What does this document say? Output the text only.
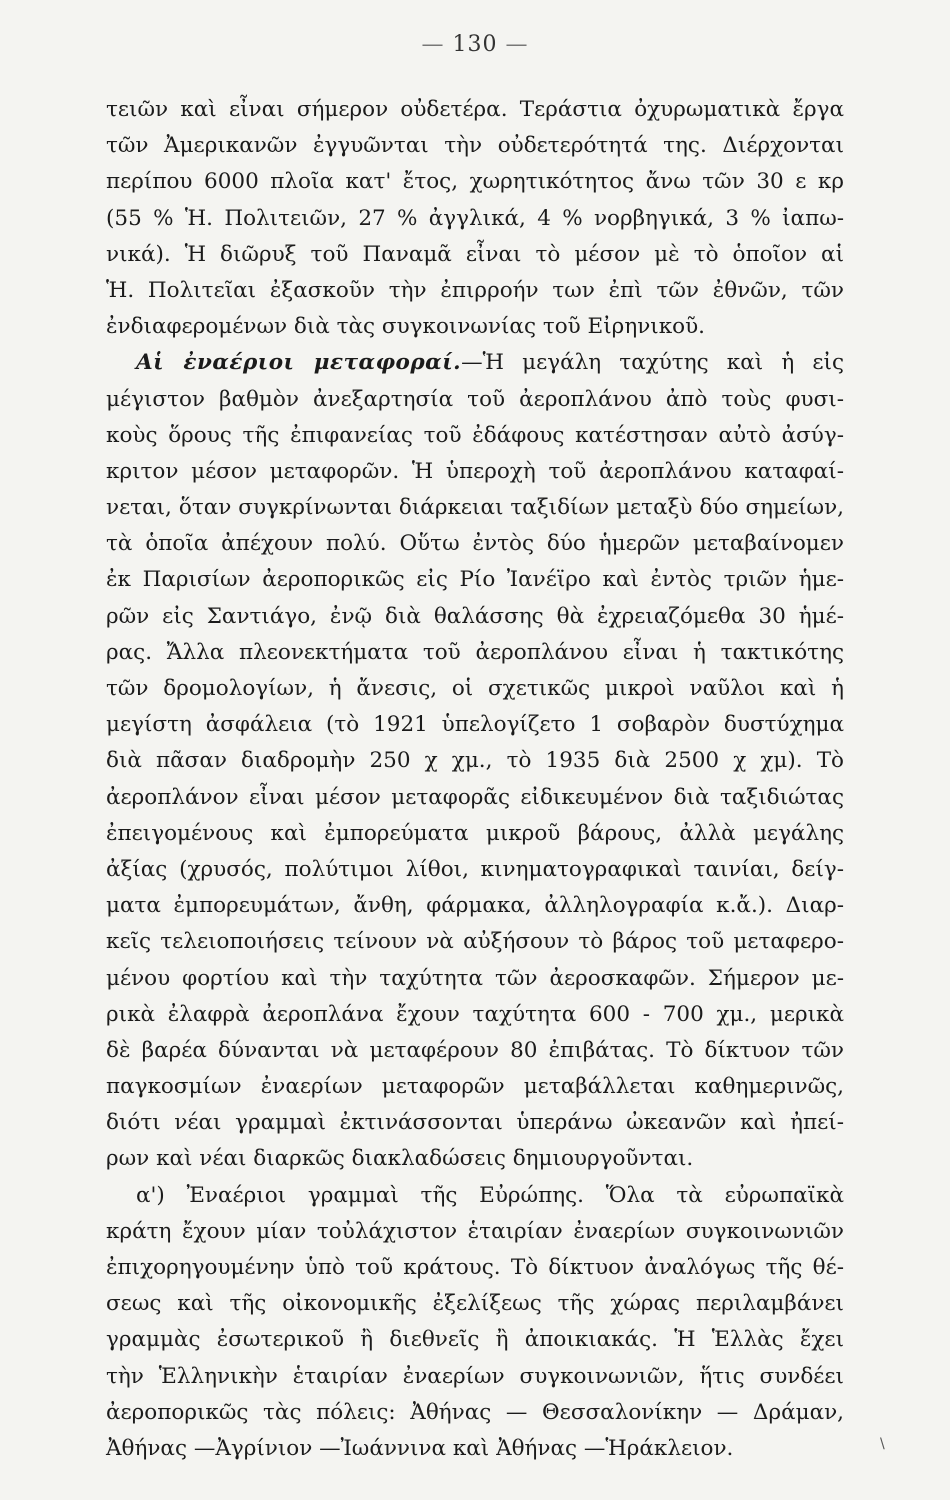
— 130 —
τειῶν καὶ εἶναι σήμερον οὐδετέρα. Τεράστια ὀχυρωματικὰ ἔργα
τῶν Ἀμερικανῶν ἐγγυῶνται τὴν οὐδετερότητά της. Διέρχονται
περίπου 6000 πλοῖα κατ' ἔτος, χωρητικότητος ἄνω τῶν 30 ε κρ
(55 % Ἡ. Πολιτειῶν, 27 % ἀγγλικά, 4 % νορβηγικά, 3 % ἰαπω-
νικά). Ἡ διῶρυξ τοῦ Παναμᾶ εἶναι τὸ μέσον μὲ τὸ ὁποῖον αἱ
Ἡ. Πολιτεῖαι ἐξασκοῦν τὴν ἐπιρροήν των ἐπὶ τῶν ἐθνῶν, τῶν
ἐνδιαφερομένων διὰ τὰς συγκοινωνίας τοῦ Εἰρηνικοῦ.
Αἱ ἐναέριοι μεταφοραί.—Ἡ μεγάλη ταχύτης καὶ ἡ εἰς
μέγιστον βαθμὸν ἀνεξαρτησία τοῦ ἀεροπλάνου ἀπὸ τοὺς φυσι-
κοὺς ὅρους τῆς ἐπιφανείας τοῦ ἐδάφους κατέστησαν αὐτὸ ἀσύγ-
κριτον μέσον μεταφορῶν. Ἡ ὑπεροχὴ τοῦ ἀεροπλάνου καταφαί-
νεται, ὅταν συγκρίνωνται διάρκειαι ταξιδίων μεταξὺ δύο σημείων,
τὰ ὁποῖα ἀπέχουν πολύ. Οὕτω ἐντὸς δύο ἡμερῶν μεταβαίνομεν
ἐκ Παρισίων ἀεροπορικῶς εἰς Ρίο Ἰανέϊρο καὶ ἐντὸς τριῶν ἡμε-
ρῶν εἰς Σαντιάγο, ἐνῷ διὰ θαλάσσης θὰ ἐχρειαζόμεθα 30 ἡμέ-
ρας. Ἄλλα πλεονεκτήματα τοῦ ἀεροπλάνου εἶναι ἡ τακτικότης
τῶν δρομολογίων, ἡ ἄνεσις, οἱ σχετικῶς μικροὶ ναῦλοι καὶ ἡ
μεγίστη ἀσφάλεια (τὸ 1921 ὑπελογίζετο 1 σοβαρὸν δυστύχημα
διὰ πᾶσαν διαδρομὴν 250 χ χμ., τὸ 1935 διὰ 2500 χ χμ). Τὸ
ἀεροπλάνον εἶναι μέσον μεταφορᾶς εἰδικευμένον διὰ ταξιδιώτας
ἐπειγομένους καὶ ἐμπορεύματα μικροῦ βάρους, ἀλλὰ μεγάλης
ἀξίας (χρυσός, πολύτιμοι λίθοι, κινηματογραφικαὶ ταινίαι, δείγ-
ματα ἐμπορευμάτων, ἄνθη, φάρμακα, ἀλληλογραφία κ.ἄ.). Διαρ-
κεῖς τελειοποιήσεις τείνουν νὰ αὐξήσουν τὸ βάρος τοῦ μεταφερο-
μένου φορτίου καὶ τὴν ταχύτητα τῶν ἀεροσκαφῶν. Σήμερον με-
ρικὰ ἐλαφρὰ ἀεροπλάνα ἔχουν ταχύτητα 600 - 700 χμ., μερικὰ
δὲ βαρέα δύνανται νὰ μεταφέρουν 80 ἐπιβάτας. Τὸ δίκτυον τῶν
παγκοσμίων ἐναερίων μεταφορῶν μεταβάλλεται καθημερινῶς,
διότι νέαι γραμμαὶ ἐκτινάσσονται ὑπεράνω ὠκεανῶν καὶ ἠπεί-
ρων καὶ νέαι διαρκῶς διακλαδώσεις δημιουργοῦνται.
α') Ἐναέριοι γραμμαὶ τῆς Εὐρώπης. Ὅλα τὰ εὐρωπαϊκὰ
κράτη ἔχουν μίαν τοὐλάχιστον ἑταιρίαν ἐναερίων συγκοινωνιῶν
ἐπιχορηγουμένην ὑπὸ τοῦ κράτους. Τὸ δίκτυον ἀναλόγως τῆς θέ-
σεως καὶ τῆς οἰκονομικῆς ἐξελίξεως τῆς χώρας περιλαμβάνει
γραμμὰς ἐσωτερικοῦ ἢ διεθνεῖς ἢ ἀποικιακάς. Ἡ Ἑλλὰς ἔχει
τὴν Ἑλληνικὴν ἑταιρίαν ἐναερίων συγκοινωνιῶν, ἥτις συνδέει
ἀεροπορικῶς τὰς πόλεις: Ἀθήνας — Θεσσαλονίκην — Δράμαν,
Ἀθήνας —Ἀγρίνιον —Ἰωάννινα καὶ Ἀθήνας —Ἡράκλειον.	\
